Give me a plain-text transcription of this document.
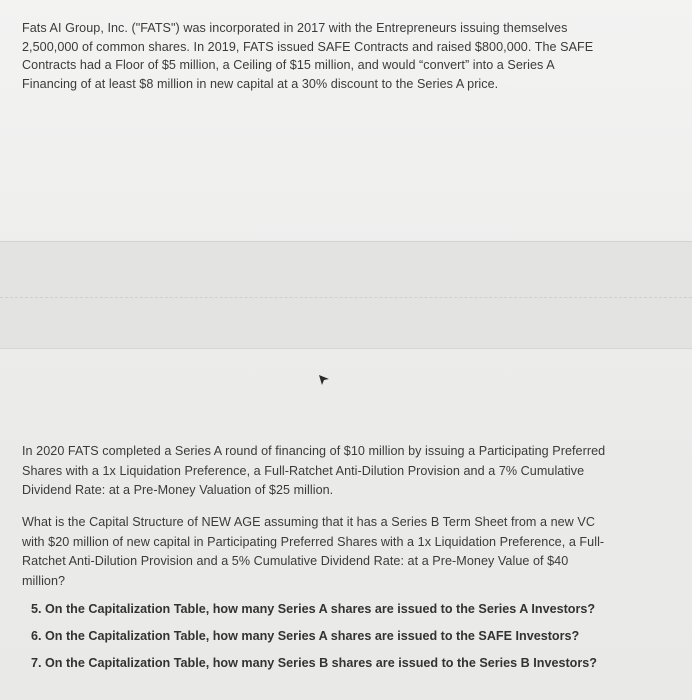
Fats AI Group, Inc. ("FATS") was incorporated in 2017 with the Entrepreneurs issuing themselves

2,500,000 of common shares. In 2019, FATS issued SAFE Contracts and raised $800,000. The SAFE

Contracts had a Floor of $5 million, a Ceiling of $15 million, and would “convert” into a Series A

Financing of at least $8 million in new capital at a 30% discount to the Series A price.

In 2020 FATS completed a Series A round of financing of $10 million by issuing a Participating Preferred

Shares with a 1x Liquidation Preference, a Full-Ratchet Anti-Dilution Provision and a 7% Cumulative

Dividend Rate: at a Pre-Money Valuation of $25 million.

What is the Capital Structure of NEW AGE assuming that it has a Series B Term Sheet from a new VC

with $20 million of new capital in Participating Preferred Shares with a 1x Liquidation Preference, a Full-

Ratchet Anti-Dilution Provision and a 5% Cumulative Dividend Rate: at a Pre-Money Value of $40

million?

5. On the Capitalization Table, how many Series A shares are issued to the Series A Investors?
6. On the Capitalization Table, how many Series A shares are issued to the SAFE Investors?
7. On the Capitalization Table, how many Series B shares are issued to the Series B Investors?
